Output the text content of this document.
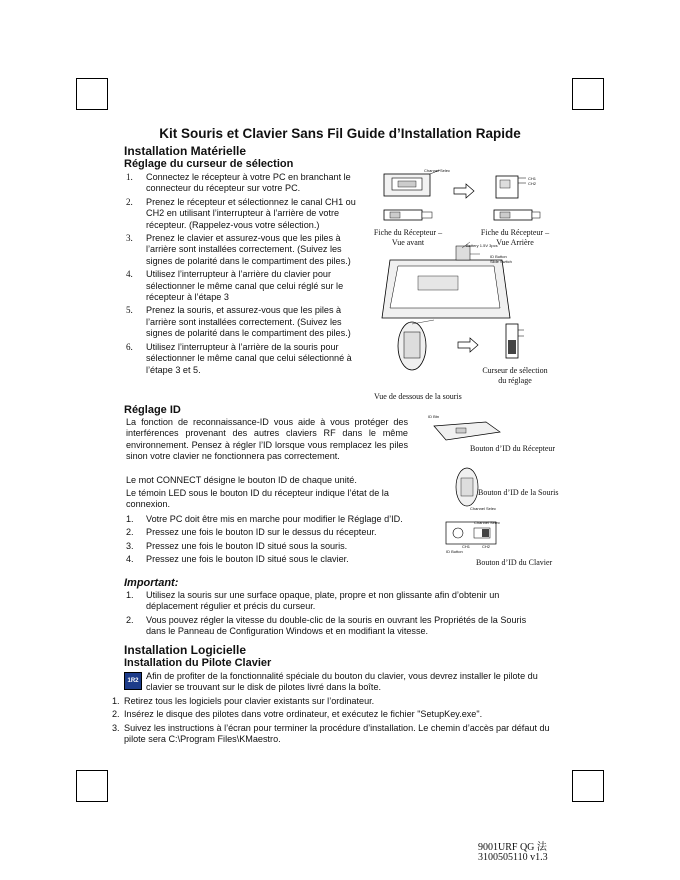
Kit Souris et Clavier Sans Fil Guide d’Installation Rapide
Installation Matérielle
Réglage du curseur de sélection
1. Connectez le récepteur à votre PC en branchant le connecteur du récepteur sur votre PC.
2. Prenez le récepteur et sélectionnez le canal CH1 ou CH2 en utilisant l’interrupteur à l’arrière de votre récepteur. (Rappelez-vous votre sélection.)
3. Prenez le clavier et assurez-vous que les piles à l’arrière sont installées correctement. (Suivez les signes de polarité dans le compartiment des piles.)
4. Utilisez l’interrupteur à l’arrière du clavier pour sélectionner le même canal que celui réglé sur le récepteur à l’étape 3
5. Prenez la souris, et assurez-vous que les piles à l’arrière sont installées correctement. (Suivez les signes de polarité dans le compartiment des piles.)
6. Utilisez l’interrupteur à l’arrière de la souris pour sélectionner le même canal que celui sélectionné à l’étape 3 et 5.
Réglage ID
La fonction de reconnaissance-ID vous aide à vous protéger des interférences provenant des autres claviers RF dans le même environnement. Pensez à régler l’ID lorsque vous remplacez les piles sinon votre clavier ne fonctionnera pas correctement.
Le mot CONNECT désigne le bouton ID de chaque unité.
Le témoin LED sous le bouton ID du récepteur indique l’état de la connexion.
1. Votre PC doit être mis en marche pour modifier le Réglage d’ID.
2. Pressez une fois le bouton ID sur le dessus du récepteur.
3. Pressez une fois le bouton ID situé sous la souris.
4. Pressez une fois le bouton ID situé sous le clavier.
Important:
1. Utilisez la souris sur une surface opaque, plate, propre et non glissante afin d’obtenir un déplacement régulier et précis du curseur.
2. Vous pouvez régler la vitesse du double-clic de la souris en ouvrant les Propriétés de la Souris dans le Panneau de Configuration Windows et en modifiant la vitesse.
Installation Logicielle
Installation du Pilote Clavier
1R2 Afin de profiter de la fonctionnalité spéciale du bouton du clavier, vous devrez installer le pilote du clavier se trouvant sur le disk de pilotes livré dans la boîte.
1. Retirez tous les logiciels pour clavier existants sur l’ordinateur.
2. Insérez le disque des pilotes dans votre ordinateur, et exécutez le fichier "SetupKey.exe".
3. Suivez les instructions à l’écran pour terminer la procédure d’installation. Le chemin d’accès par défaut du pilote sera C:\Program Files\KMaestro.
9001URF QG 法
3100505110 v1.3
Channel Selec
CH1
CH2
Fiche du Récepteur – Vue avant
Fiche du Récepteur – Vue Arrière
Battery 1.5V 3pcs
ID Button
Slide Switch
Curseur de sélection du réglage
Vue de dessous de la souris
ID Btn
Bouton d’ID du Récepteur
Channel Selec
Bouton d’ID de la Souris
ID Button
CH1	CH2
Channel Selec
Bouton d’ID du Clavier
